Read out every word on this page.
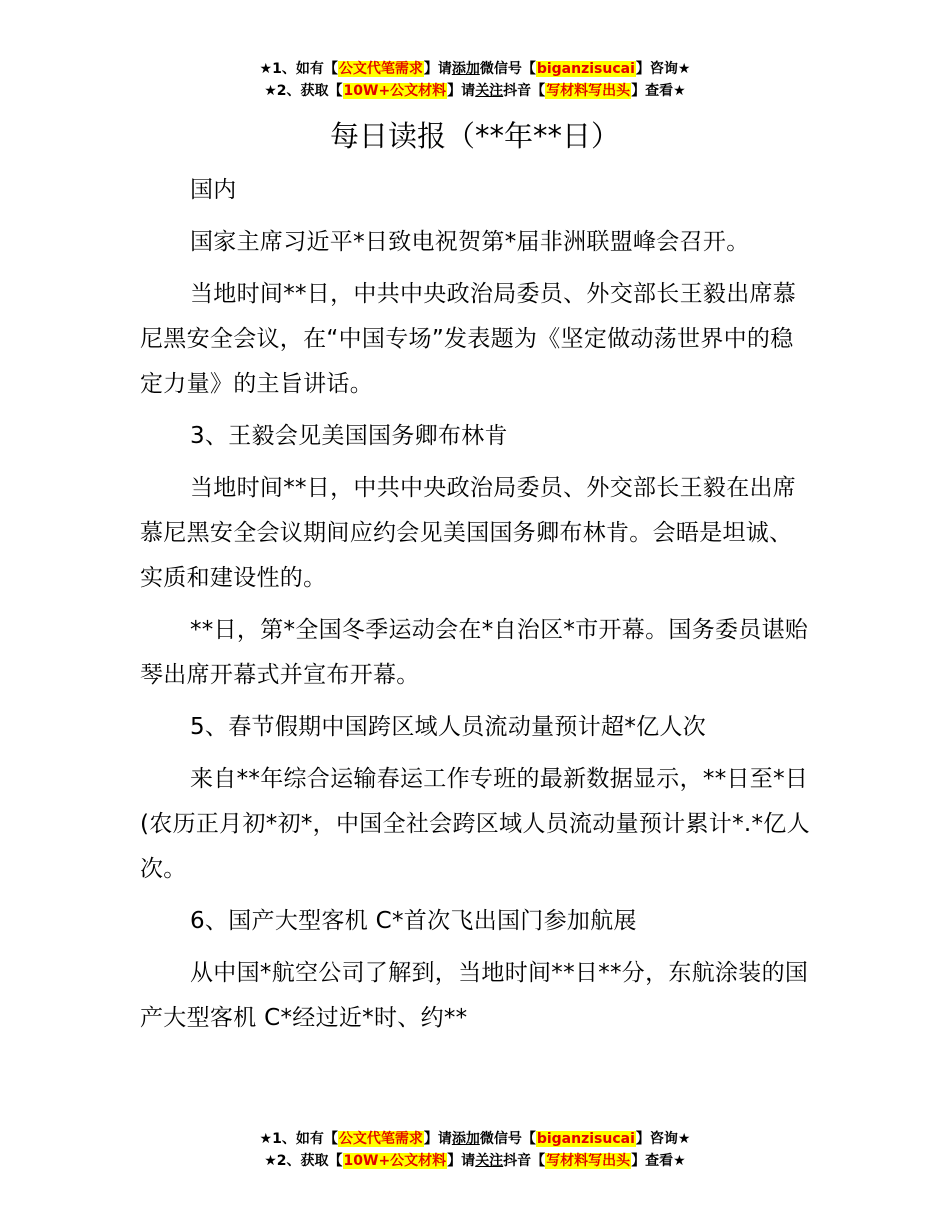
★1、如有【公文代笔需求】请添加微信号【biganzisucai】咨询★
★2、获取【10W+公文材料】请关注抖音【写材料写出头】查看★
每日读报（**年**日）

国内

国家主席习近平*日致电祝贺第*届非洲联盟峰会召开。

当地时间**日，中共中央政治局委员、外交部长王毅出席慕尼黑安全会议，在“中国专场”发表题为《坚定做动荡世界中的稳定力量》的主旨讲话。

3、王毅会见美国国务卿布林肯

当地时间**日，中共中央政治局委员、外交部长王毅在出席慕尼黑安全会议期间应约会见美国国务卿布林肯。会晤是坦诚、实质和建设性的。

**日，第*全国冬季运动会在*自治区*市开幕。国务委员谌贻琴出席开幕式并宣布开幕。

5、春节假期中国跨区域人员流动量预计超*亿人次

来自**年综合运输春运工作专班的最新数据显示，**日至*日(农历正月初*初*，中国全社会跨区域人员流动量预计累计*.*亿人次。

6、国产大型客机 C*首次飞出国门参加航展

从中国*航空公司了解到，当地时间**日**分，东航涂装的国产大型客机 C*经过近*时、约**

★1、如有【公文代笔需求】请添加微信号【biganzisucai】咨询★
★2、获取【10W+公文材料】请关注抖音【写材料写出头】查看★
